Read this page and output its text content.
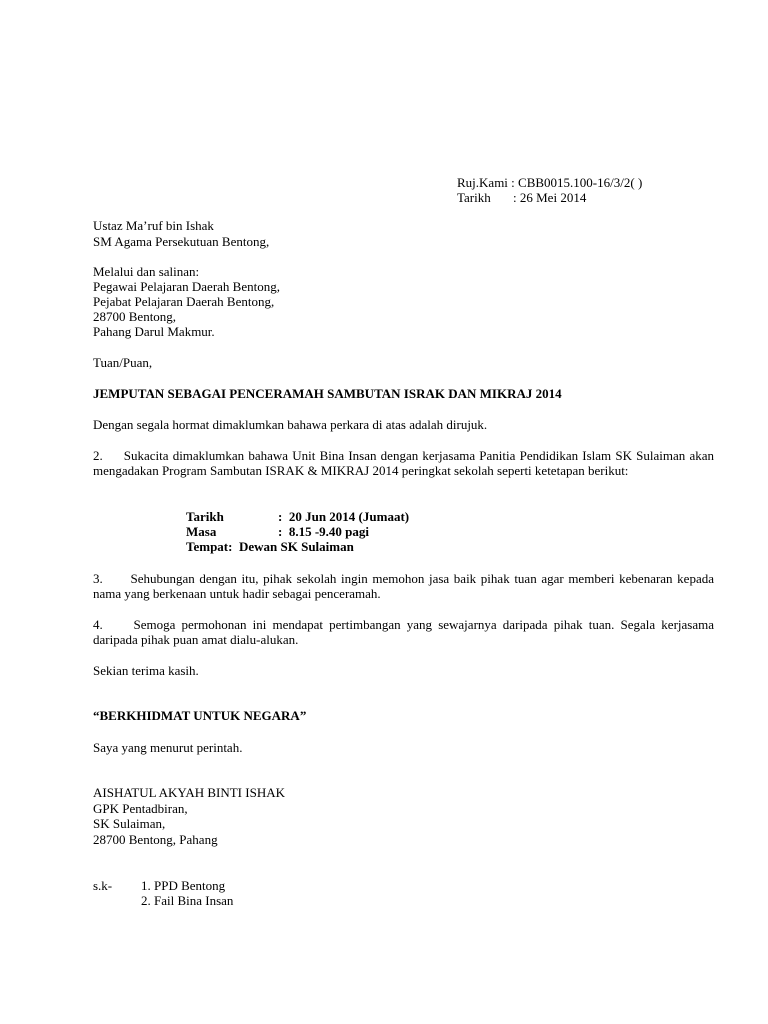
Ruj.Kami : CBB0015.100-16/3/2( )
Tarikh : 26 Mei 2014
Ustaz Ma’ruf bin Ishak
SM Agama Persekutuan Bentong,
Melalui dan salinan:
Pegawai Pelajaran Daerah Bentong,
Pejabat Pelajaran Daerah Bentong,
28700 Bentong,
Pahang Darul Makmur.
Tuan/Puan,
JEMPUTAN SEBAGAI PENCERAMAH SAMBUTAN ISRAK DAN MIKRAJ 2014
Dengan segala hormat dimaklumkan bahawa perkara di atas adalah dirujuk.
2. Sukacita dimaklumkan bahawa Unit Bina Insan dengan kerjasama Panitia Pendidikan Islam SK Sulaiman akan mengadakan Program Sambutan ISRAK & MIKRAJ 2014 peringkat sekolah seperti ketetapan berikut:
Tarikh	:  20 Jun 2014 (Jumaat)
Masa	:  8.15 -9.40 pagi
Tempat: Dewan SK Sulaiman
3. Sehubungan dengan itu, pihak sekolah ingin memohon jasa baik pihak tuan agar memberi kebenaran kepada nama yang berkenaan untuk hadir sebagai penceramah.
4. Semoga permohonan ini mendapat pertimbangan yang sewajarnya daripada pihak tuan. Segala kerjasama daripada pihak puan amat dialu-alukan.
Sekian terima kasih.
“BERKHIDMAT UNTUK NEGARA”
Saya yang menurut perintah.
AISHATUL AKYAH BINTI ISHAK
GPK Pentadbiran,
SK Sulaiman,
28700 Bentong, Pahang
s.k- 1. PPD Bentong
2. Fail Bina Insan
